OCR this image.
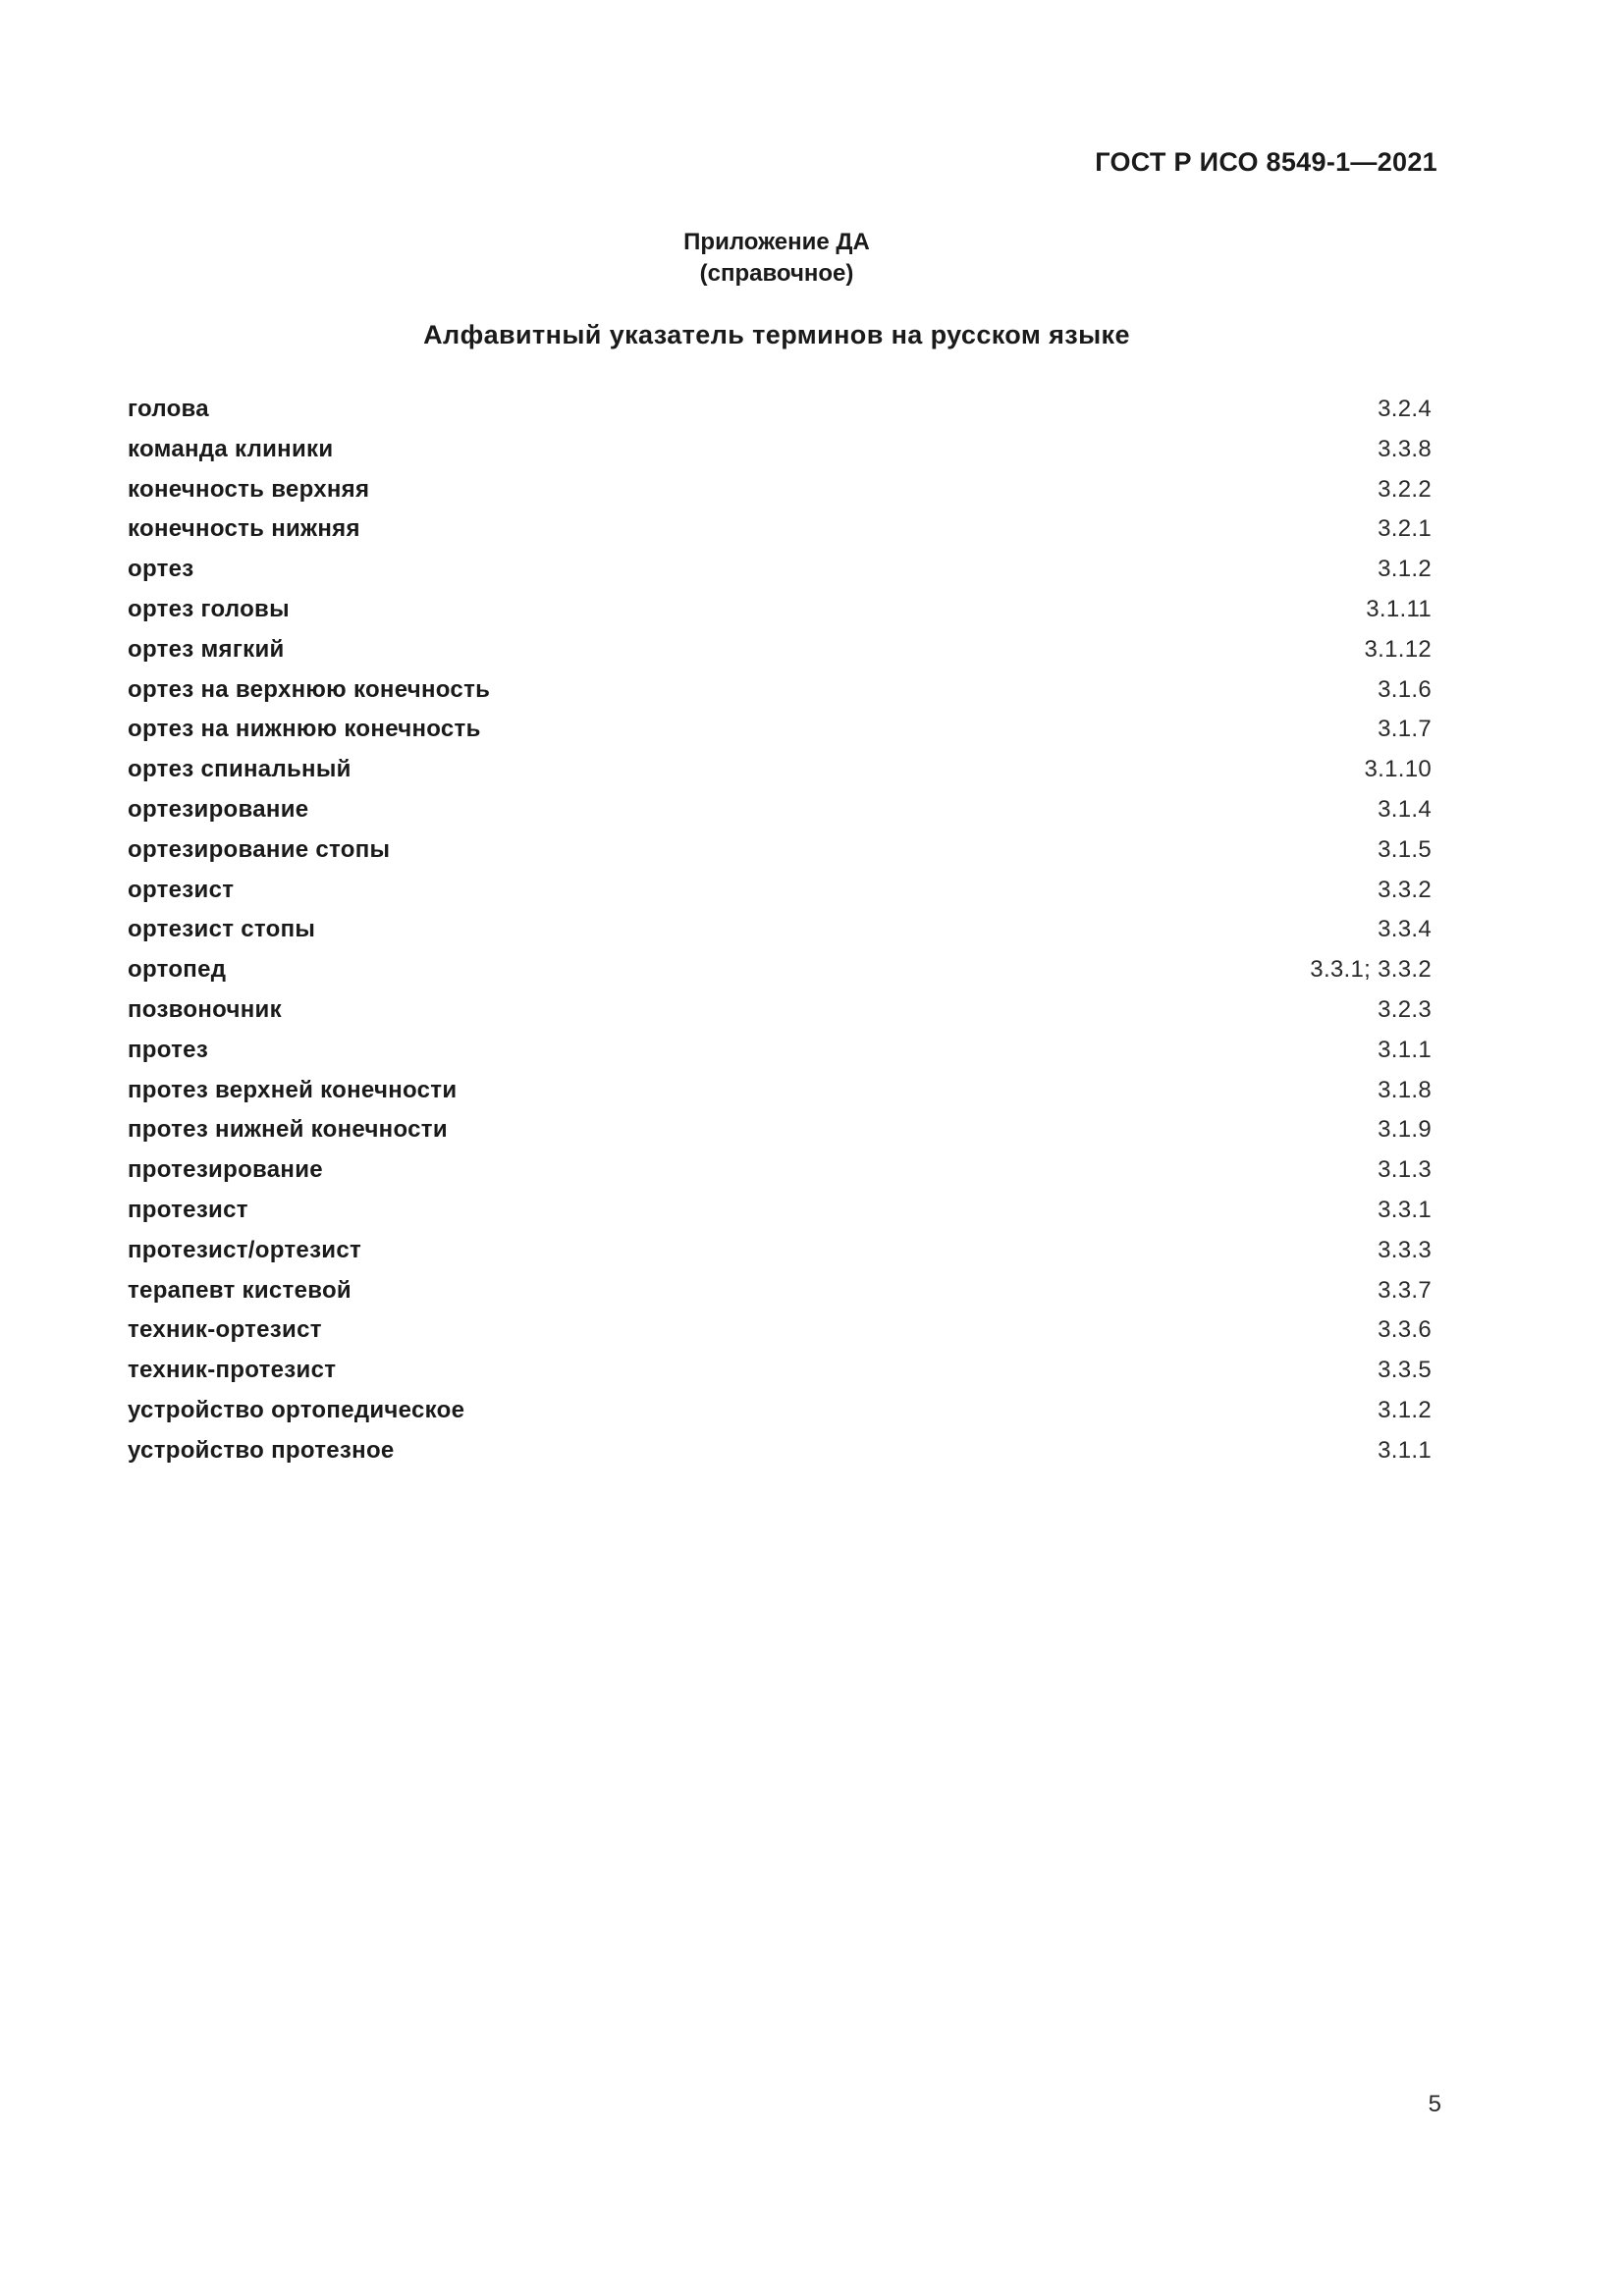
ГОСТ Р ИСО 8549-1—2021
Приложение ДА
(справочное)
Алфавитный указатель терминов на русском языке
голова	3.2.4
команда клиники	3.3.8
конечность верхняя	3.2.2
конечность нижняя	3.2.1
ортез	3.1.2
ортез головы	3.1.11
ортез мягкий	3.1.12
ортез на верхнюю конечность	3.1.6
ортез на нижнюю конечность	3.1.7
ортез спинальный	3.1.10
ортезирование	3.1.4
ортезирование стопы	3.1.5
ортезист	3.3.2
ортезист стопы	3.3.4
ортопед	3.3.1; 3.3.2
позвоночник	3.2.3
протез	3.1.1
протез верхней конечности	3.1.8
протез нижней конечности	3.1.9
протезирование	3.1.3
протезист	3.3.1
протезист/ортезист	3.3.3
терапевт кистевой	3.3.7
техник-ортезист	3.3.6
техник-протезист	3.3.5
устройство ортопедическое	3.1.2
устройство протезное	3.1.1
5
